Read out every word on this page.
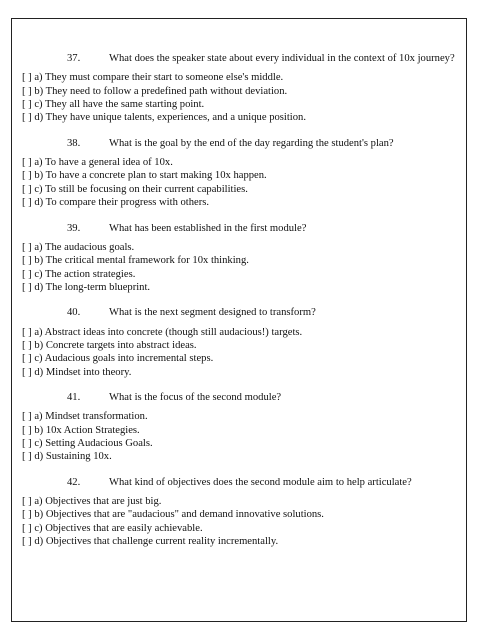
37.	What does the speaker state about every individual in the context of 10x journey?
[ ] a) They must compare their start to someone else's middle.
[ ] b) They need to follow a predefined path without deviation.
[ ] c) They all have the same starting point.
[ ] d) They have unique talents, experiences, and a unique position.
38.	What is the goal by the end of the day regarding the student's plan?
[ ] a) To have a general idea of 10x.
[ ] b) To have a concrete plan to start making 10x happen.
[ ] c) To still be focusing on their current capabilities.
[ ] d) To compare their progress with others.
39.	What has been established in the first module?
[ ] a) The audacious goals.
[ ] b) The critical mental framework for 10x thinking.
[ ] c) The action strategies.
[ ] d) The long-term blueprint.
40.	What is the next segment designed to transform?
[ ] a) Abstract ideas into concrete (though still audacious!) targets.
[ ] b) Concrete targets into abstract ideas.
[ ] c) Audacious goals into incremental steps.
[ ] d) Mindset into theory.
41.	What is the focus of the second module?
[ ] a) Mindset transformation.
[ ] b) 10x Action Strategies.
[ ] c) Setting Audacious Goals.
[ ] d) Sustaining 10x.
42.	What kind of objectives does the second module aim to help articulate?
[ ] a) Objectives that are just big.
[ ] b) Objectives that are "audacious" and demand innovative solutions.
[ ] c) Objectives that are easily achievable.
[ ] d) Objectives that challenge current reality incrementally.
